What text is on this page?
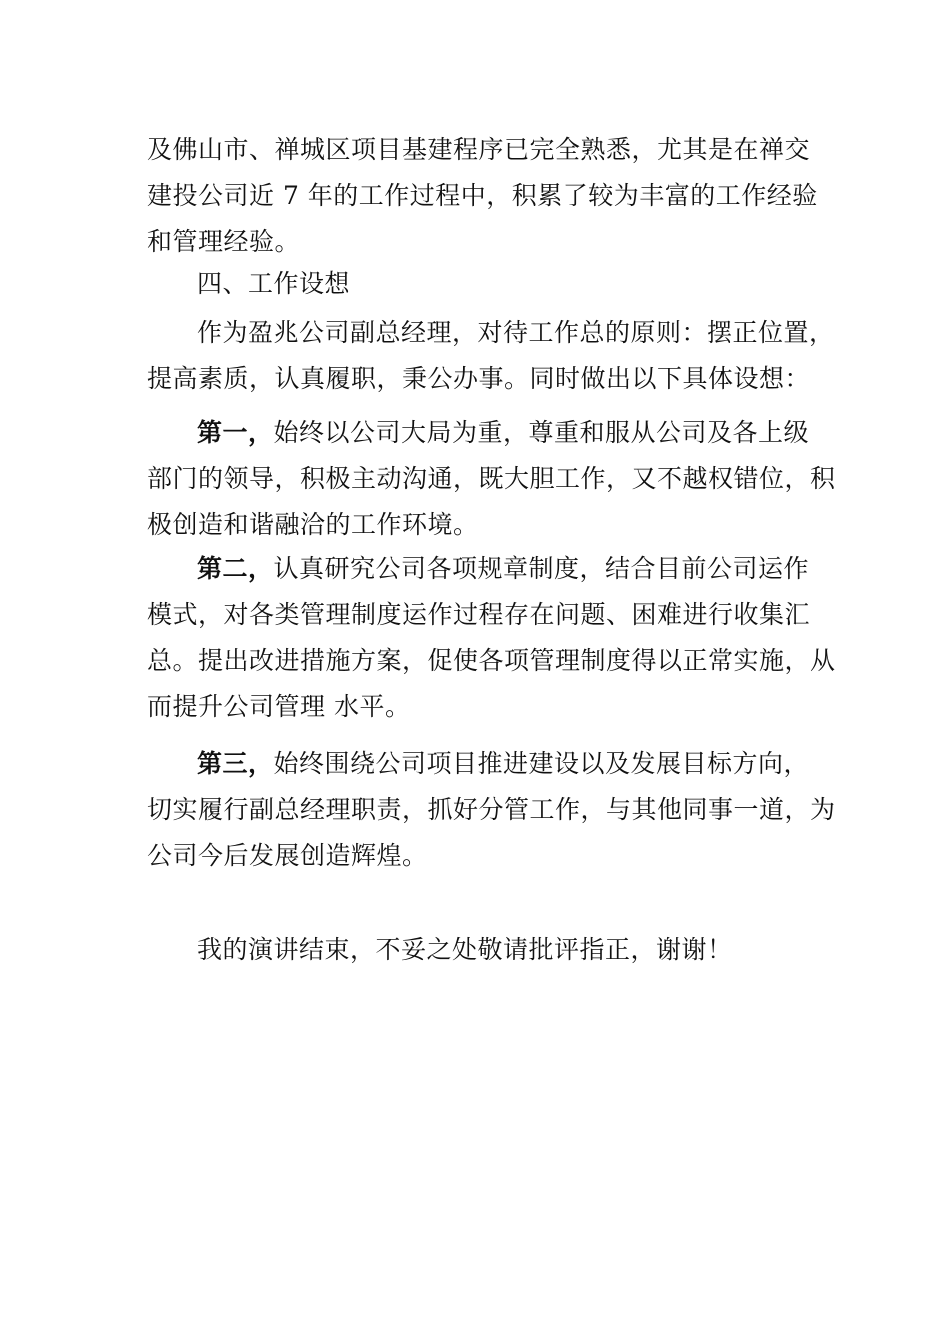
及佛山市、禅城区项目基建程序已完全熟悉，尤其是在禅交
建投公司近 7 年的工作过程中，积累了较为丰富的工作经验
和管理经验。
四、工作设想
作为盈兆公司副总经理，对待工作总的原则：摆正位置，
提高素质，认真履职，秉公办事。同时做出以下具体设想：
第一，始终以公司大局为重，尊重和服从公司及各上级
部门的领导，积极主动沟通，既大胆工作，又不越权错位，积
极创造和谐融洽的工作环境。
第二，认真研究公司各项规章制度，结合目前公司运作
模式，对各类管理制度运作过程存在问题、困难进行收集汇
总。提出改进措施方案，促使各项管理制度得以正常实施，从
而提升公司管理 水平。
第三，始终围绕公司项目推进建设以及发展目标方向，
切实履行副总经理职责，抓好分管工作，与其他同事一道，为
公司今后发展创造辉煌。
我的演讲结束，不妥之处敬请批评指正，谢谢！
